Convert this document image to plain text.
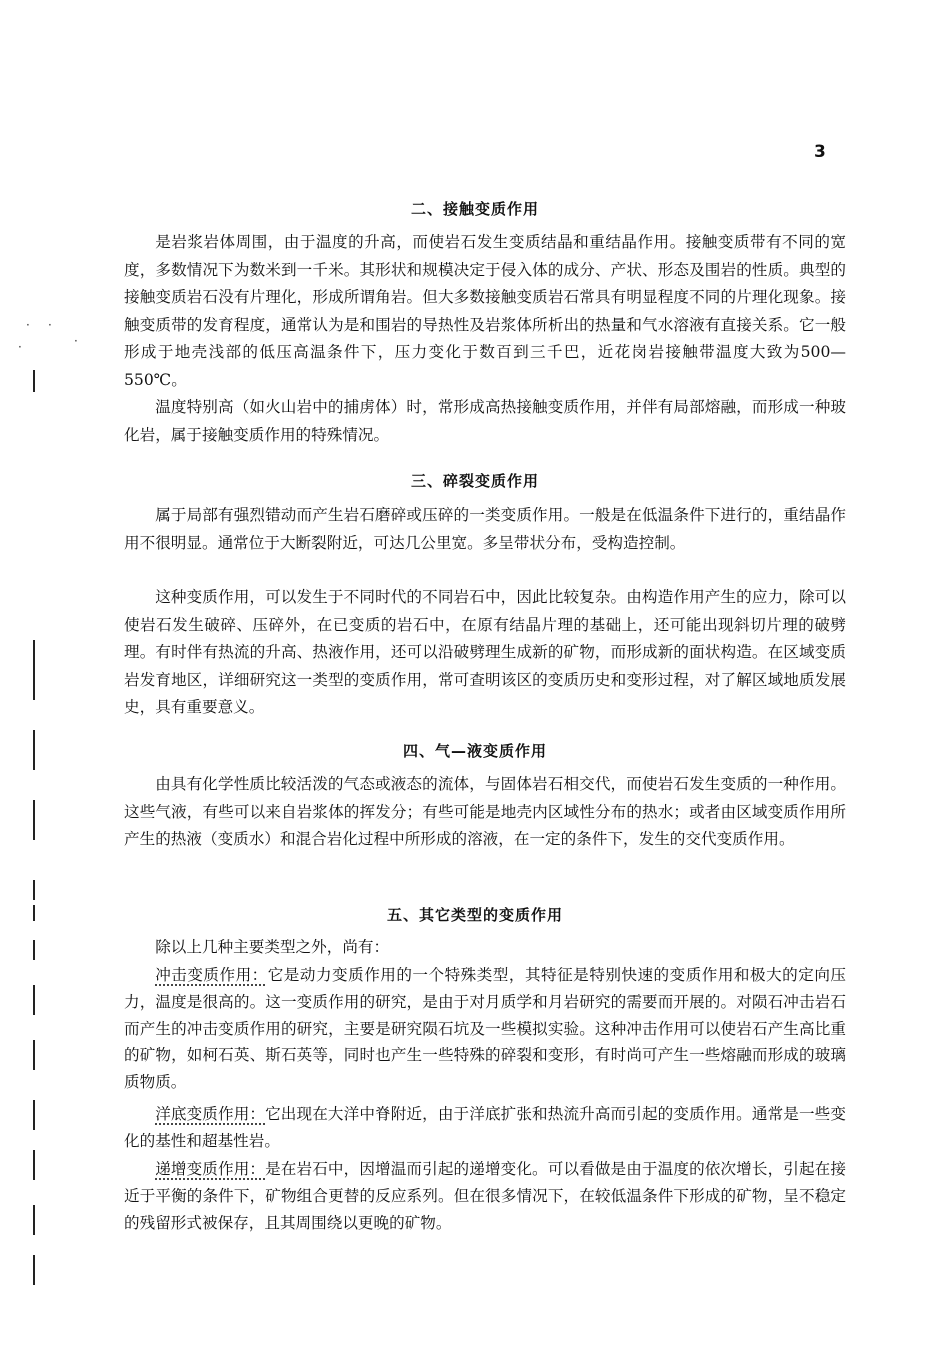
3
二、接触变质作用
是岩浆岩体周围，由于温度的升高，而使岩石发生变质结晶和重结晶作用。接触变质带有不同的宽度，多数情况下为数米到一千米。其形状和规模决定于侵入体的成分、产状、形态及围岩的性质。典型的接触变质岩石没有片理化，形成所谓角岩。但大多数接触变质岩石常具有明显程度不同的片理化现象。接触变质带的发育程度，通常认为是和围岩的导热性及岩浆体所析出的热量和气水溶液有直接关系。它一般形成于地壳浅部的低压高温条件下，压力变化于数百到三千巴，近花岗岩接触带温度大致为500—550℃。
温度特别高（如火山岩中的捕虏体）时，常形成高热接触变质作用，并伴有局部熔融，而形成一种玻化岩，属于接触变质作用的特殊情况。
三、碎裂变质作用
属于局部有强烈错动而产生岩石磨碎或压碎的一类变质作用。一般是在低温条件下进行的，重结晶作用不很明显。通常位于大断裂附近，可达几公里宽。多呈带状分布，受构造控制。
这种变质作用，可以发生于不同时代的不同岩石中，因此比较复杂。由构造作用产生的应力，除可以使岩石发生破碎、压碎外，在已变质的岩石中，在原有结晶片理的基础上，还可能出现斜切片理的破劈理。有时伴有热流的升高、热液作用，还可以沿破劈理生成新的矿物，而形成新的面状构造。在区域变质岩发育地区，详细研究这一类型的变质作用，常可查明该区的变质历史和变形过程，对了解区域地质发展史，具有重要意义。
四、气—液变质作用
由具有化学性质比较活泼的气态或液态的流体，与固体岩石相交代，而使岩石发生变质的一种作用。这些气液，有些可以来自岩浆体的挥发分；有些可能是地壳内区域性分布的热水；或者由区域变质作用所产生的热液（变质水）和混合岩化过程中所形成的溶液，在一定的条件下，发生的交代变质作用。
五、其它类型的变质作用
除以上几种主要类型之外，尚有：
冲击变质作用：它是动力变质作用的一个特殊类型，其特征是特别快速的变质作用和极大的定向压力，温度是很高的。这一变质作用的研究，是由于对月质学和月岩研究的需要而开展的。对陨石冲击岩石而产生的冲击变质作用的研究，主要是研究陨石坑及一些模拟实验。这种冲击作用可以使岩石产生高比重的矿物，如柯石英、斯石英等，同时也产生一些特殊的碎裂和变形，有时尚可产生一些熔融而形成的玻璃质物质。
洋底变质作用：它出现在大洋中脊附近，由于洋底扩张和热流升高而引起的变质作用。通常是一些变化的基性和超基性岩。
递增变质作用：是在岩石中，因增温而引起的递增变化。可以看做是由于温度的依次增长，引起在接近于平衡的条件下，矿物组合更替的反应系列。但在很多情况下，在较低温条件下形成的矿物，呈不稳定的残留形式被保存，且其周围绕以更晚的矿物。
· ·
·	·
